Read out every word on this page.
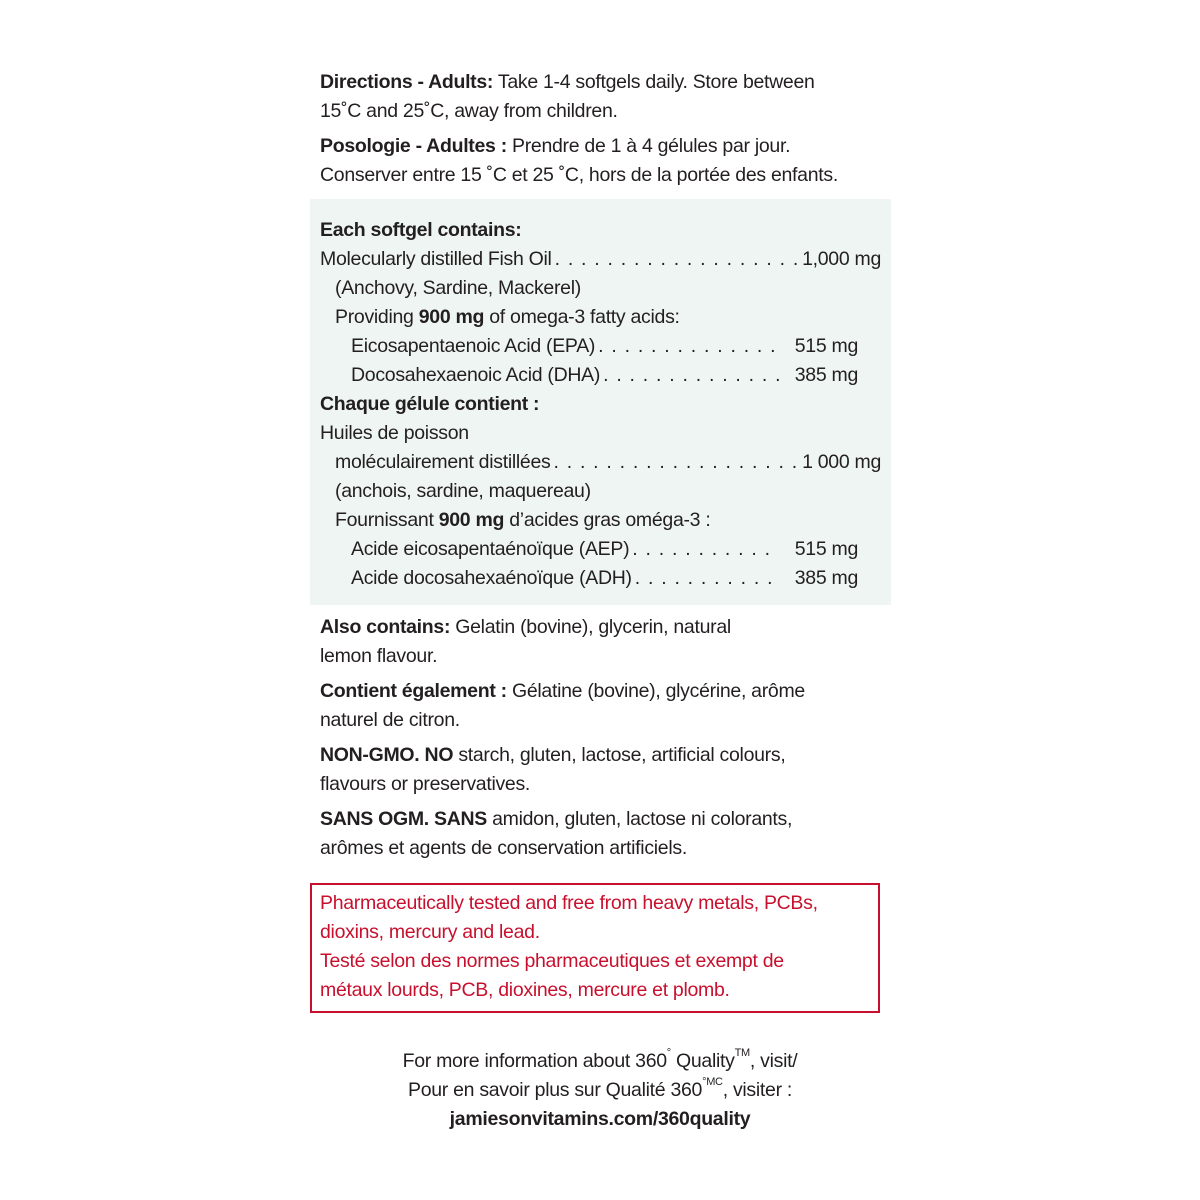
Directions - Adults: Take 1-4 softgels daily. Store between
15˚C and 25˚C, away from children.
Posologie - Adultes : Prendre de 1 à 4 gélules par jour.
Conserver entre 15 ˚C et 25 ˚C, hors de la portée des enfants.
Each softgel contains:
Molecularly distilled Fish Oil . . .	1,000 mg
(Anchovy, Sardine, Mackerel)
Providing
900 mg
of omega-3 fatty acids:
Eicosapentaenoic Acid (EPA) . . .	515 mg
Docosahexaenoic Acid (DHA) . . .	385 mg
Chaque gélule contient :
Huiles de poisson
moléculairement distillées . . .	1 000 mg
(anchois, sardine, maquereau)
Fournissant
900 mg
d’acides gras oméga-3 :
Acide eicosapentaénoïque (AEP) . . .	515 mg
Acide docosahexaénoïque (ADH) . . .	385 mg
Also contains: Gelatin (bovine), glycerin, natural
lemon flavour.
Contient également : Gélatine (bovine), glycérine, arôme
naturel de citron.
NON-GMO. NO starch, gluten, lactose, artificial colours,
flavours or preservatives.
SANS OGM. SANS amidon, gluten, lactose ni colorants,
arômes et agents de conservation artificiels.
Pharmaceutically tested and free from heavy metals, PCBs,
dioxins, mercury and lead.
Testé selon des normes pharmaceutiques et exempt de
métaux lourds, PCB, dioxines, mercure et plomb.
For more information about 360° Quality™, visit/
Pour en savoir plus sur Qualité $360^{^\circ MC}$, visiter :
jamiesonvitamins.com/360quality
